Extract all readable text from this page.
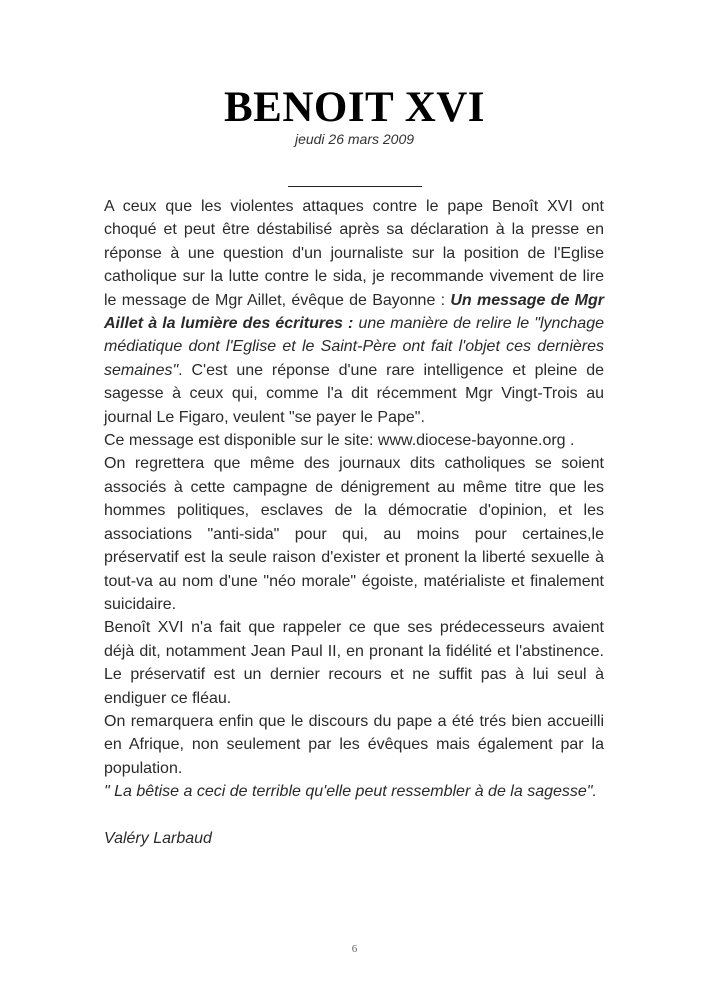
BENOIT XVI
jeudi 26 mars 2009

A ceux que les violentes attaques contre le pape Benoît XVI ont choqué et peut être déstabilisé après sa déclaration à la presse en réponse à une question d'un journaliste sur la position de l'Eglise catholique sur la lutte contre le sida, je recommande vivement de lire le message de Mgr Aillet, évêque de Bayonne : Un message de Mgr Aillet à la lumière des écritures : une manière de relire le "lynchage médiatique dont l'Eglise et le Saint-Père ont fait l'objet ces dernières semaines". C'est une réponse d'une rare intelligence et pleine de sagesse à ceux qui, comme l'a dit récemment Mgr Vingt-Trois au journal Le Figaro, veulent "se payer le Pape".

Ce message est disponible sur le site: www.diocese-bayonne.org .

On regrettera que même des journaux dits catholiques se soient associés à cette campagne de dénigrement au même titre que les hommes politiques, esclaves de la démocratie d'opinion, et les associations "anti-sida" pour qui, au moins pour certaines,le préservatif est la seule raison d'exister et pronent la liberté sexuelle à tout-va au nom d'une "néo morale" égoiste, matérialiste et finalement suicidaire.

Benoît XVI n'a fait que rappeler ce que ses prédecesseurs avaient déjà dit, notamment Jean Paul II, en pronant la fidélité et l'abstinence. Le préservatif est un dernier recours et ne suffit pas à lui seul à endiguer ce fléau.

On remarquera enfin que le discours du pape a été trés bien accueilli en Afrique, non seulement par les évêques mais également par la population.

" La bêtise a ceci de terrible qu'elle peut ressembler à de la sagesse".

Valéry Larbaud

6
